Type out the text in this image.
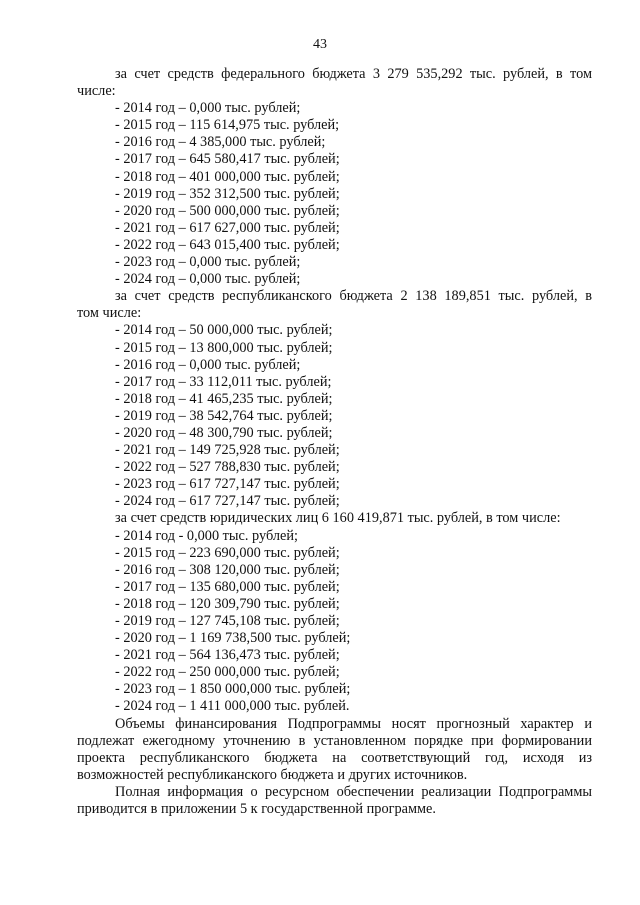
43

за счет средств федерального бюджета 3 279 535,292 тыс. рублей, в том

числе:

- 2014 год – 0,000 тыс. рублей;
- 2015 год – 115 614,975 тыс. рублей;
- 2016 год – 4 385,000 тыс. рублей;
- 2017 год – 645 580,417 тыс. рублей;
- 2018 год – 401 000,000 тыс. рублей;
- 2019 год – 352 312,500 тыс. рублей;
- 2020 год – 500 000,000 тыс. рублей;
- 2021 год – 617 627,000 тыс. рублей;
- 2022 год – 643 015,400 тыс. рублей;
- 2023 год – 0,000 тыс. рублей;
- 2024 год – 0,000 тыс. рублей;

за счет средств республиканского бюджета 2 138 189,851 тыс. рублей, в

том числе:

- 2014 год – 50 000,000 тыс. рублей;
- 2015 год – 13 800,000 тыс. рублей;
- 2016 год – 0,000 тыс. рублей;
- 2017 год – 33 112,011 тыс. рублей;
- 2018 год – 41 465,235 тыс. рублей;
- 2019 год – 38 542,764 тыс. рублей;
- 2020 год – 48 300,790 тыс. рублей;
- 2021 год – 149 725,928 тыс. рублей;
- 2022 год – 527 788,830 тыс. рублей;
- 2023 год – 617 727,147 тыс. рублей;
- 2024 год – 617 727,147 тыс. рублей;

за счет средств юридических лиц 6 160 419,871 тыс. рублей, в том числе:

- 2014 год - 0,000 тыс. рублей;
- 2015 год – 223 690,000 тыс. рублей;
- 2016 год – 308 120,000 тыс. рублей;
- 2017 год – 135 680,000 тыс. рублей;
- 2018 год – 120 309,790 тыс. рублей;
- 2019 год – 127 745,108 тыс. рублей;
- 2020 год – 1 169 738,500 тыс. рублей;
- 2021 год – 564 136,473 тыс. рублей;
- 2022 год – 250 000,000 тыс. рублей;
- 2023 год – 1 850 000,000 тыс. рублей;
- 2024 год – 1 411 000,000 тыс. рублей.

Объемы финансирования Подпрограммы носят прогнозный характер и подлежат ежегодному уточнению в установленном порядке при формировании проекта республиканского бюджета на соответствующий год, исходя из возможностей республиканского бюджета и других источников.

Полная информация о ресурсном обеспечении реализации Подпрограммы приводится в приложении 5 к государственной программе.
